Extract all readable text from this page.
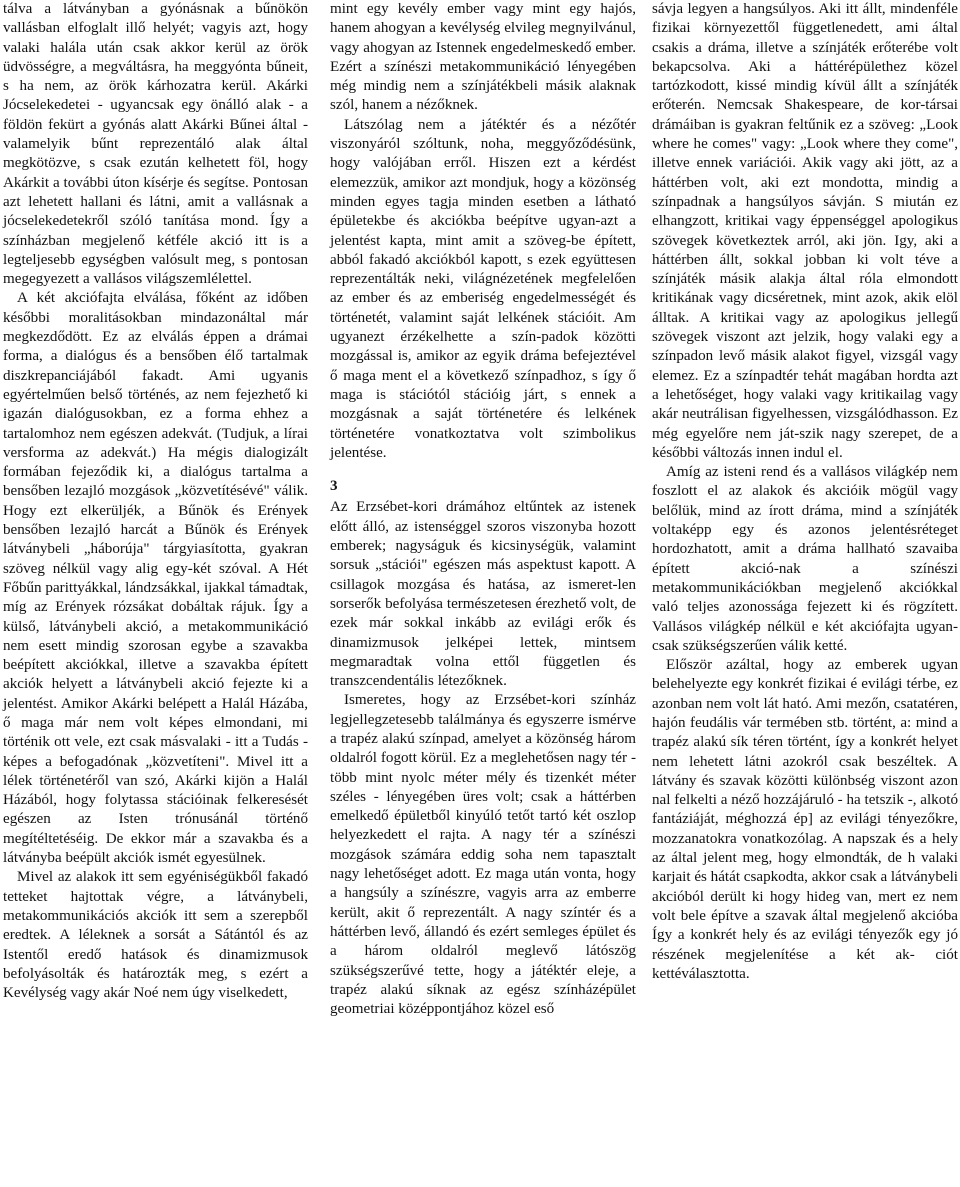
tálva a látványban a gyónásnak a bűnökön vallásban elfoglalt illő helyét; vagyis azt, hogy valaki halála után csak akkor kerül az örök üdvösségre, a megváltásra, ha meggyónta bűneit, s ha nem, az örök kárhozatra kerül. Akárki Jócselekedetei - ugyancsak egy önálló alak - a földön fekürt a gyónás alatt Akárki Bűnei által - valamelyik bűnt reprezentáló alak által megkötözve, s csak ezután kelhetett föl, hogy Akárkit a további úton kísérje és segítse. Pontosan azt lehetett hallani és látni, amit a vallásnak a jócselekedetekről szóló tanítása mond. Így a színházban megjelenő kétféle akció itt is a legteljesebb egységben valósult meg, s pontosan megegyezett a vallásos világszemlélettel.

A két akciófajta elválása, főként az időben későbbi moralitásokban mindazonáltal már megkezdődött. Ez az elválás éppen a drámai forma, a dialógus és a bensőben élő tartalmak diszkrepanciájából fakadt. Ami ugyanis egyértelműen belső történés, az nem fejezhető ki igazán dialógusokban, ez a forma ehhez a tartalomhoz nem egészen adekvát. (Tudjuk, a lírai versforma az adekvát.) Ha mégis dialogizált formában fejeződik ki, a dialógus tartalma a bensőben lezajló mozgások „közvetítésévé" válik. Hogy ezt elkerüljék, a Bűnök és Erények bensőben lezajló harcát a Bűnök és Erények látványbeli „háborúja" tárgyiasította, gyakran szöveg nélkül vagy alig egy-két szóval. A Hét Főbűn parittyákkal, lándzsákkal, ijakkal támadtak, míg az Erények rózsákat dobáltak rájuk. Így a külső, látványbeli akció, a metakommunikáció nem esett mindig szorosan egybe a szavakba beépített akciókkal, illetve a szavakba épített akciók helyett a látványbeli akció fejezte ki a jelentést. Amikor Akárki belépett a Halál Házába, ő maga már nem volt képes elmondani, mi történik ott vele, ezt csak másvalaki - itt a Tudás - képes a befogadónak „közvetíteni". Mivel itt a lélek történetéről van szó, Akárki kijön a Halál Házából, hogy folytassa stációinak felkeresését egészen az Isten trónusánál történő megítéltetéséig. De ekkor már a szavakba és a látványba beépült akciók ismét egyesülnek.

Mivel az alakok itt sem egyéniségükből fakadó tetteket hajtottak végre, a látványbeli, metakommunikációs akciók itt sem a szerepből eredtek. A léleknek a sorsát a Sátántól és az Istentől eredő hatások és dinamizmusok befolyásolták és határozták meg, s ezért a Kevélység vagy akár Noé nem úgy viselkedett,

mint egy kevély ember vagy mint egy hajós, hanem ahogyan a kevélység elvileg megnyilvánul, vagy ahogyan az Istennek engedelmeskedő ember. Ezért a színészi metakommunikáció lényegében még mindig nem a színjátékbeli másik alaknak szól, hanem a nézőknek.

Látszólag nem a játéktér és a nézőtér viszonyáról szóltunk, noha, meggyőződésünk, hogy valójában erről. Hiszen ezt a kérdést elemezzük, amikor azt mondjuk, hogy a közönség minden egyes tagja minden esetben a látható épületekbe és akciókba beépítve ugyan-azt a jelentést kapta, mint amit a szöveg-be épített, abból fakadó akciókból kapott, s ezek együttesen reprezentálták neki, világnézetének megfelelően az ember és az emberiség engedelmességét és történetét, valamint saját lelkének stációit. Am ugyanezt érzékelhette a szín-padok közötti mozgással is, amikor az egyik dráma befejeztével ő maga ment el a következő színpadhoz, s így ő maga is stációtól stációig járt, s ennek a mozgásnak a saját történetére és lelkének történetére vonatkoztatva volt szimbolikus jelentése.

3

Az Erzsébet-kori drámához eltűntek az istenek előtt álló, az istenséggel szoros viszonyba hozott emberek; nagyságuk és kicsinységük, valamint sorsuk „stációi" egészen más aspektust kapott. A csillagok mozgása és hatása, az ismeret-len sorserők befolyása természetesen érezhető volt, de ezek már sokkal inkább az evilági erők és dinamizmusok jelképei lettek, mintsem megmaradtak volna ettől független és transzcendentális létezőknek.

Ismeretes, hogy az Erzsébet-kori színház legjellegzetesebb találmánya és egyszerre ismérve a trapéz alakú színpad, amelyet a közönség három oldalról fogott körül. Ez a meglehetősen nagy tér - több mint nyolc méter mély és tizenkét méter széles - lényegében üres volt; csak a háttérben emelkedő épületből kinyúló tetőt tartó két oszlop helyezkedett el rajta. A nagy tér a színészi mozgások számára eddig soha nem tapasztalt nagy lehetőséget adott. Ez maga után vonta, hogy a hangsúly a színészre, vagyis arra az emberre került, akit ő reprezentált. A nagy színtér és a háttérben levő, állandó és ezért semleges épület és a három oldalról meglevő látószög szükségszerűvé tette, hogy a játéktér eleje, a trapéz alakú síknak az egész színházépület geometriai középpontjához közel eső

sávja legyen a hangsúlyos. Aki itt állt, mindenféle fizikai környezettől függetlenedett, ami által csakis a dráma, illetve a színjáték erőterébe volt bekapcsolva. Aki a háttérépülethez közel tartózkodott, kissé mindig kívül állt a színjáték erőterén. Nemcsak Shakespeare, de kor-társai drámáiban is gyakran feltűnik ez a szöveg: „Look where he comes" vagy: „Look where they come", illetve ennek variációi. Akik vagy aki jött, az a háttérben volt, aki ezt mondotta, mindig a színpadnak a hangsúlyos sávján. S miután ez elhangzott, kritikai vagy éppenséggel apologikus szövegek következtek arról, aki jön. Igy, aki a háttérben állt, sokkal jobban ki volt téve a színjáték másik alakja által róla elmondott kritikának vagy dicséretnek, mint azok, akik elöl álltak. A kritikai vagy az apologikus jellegű szövegek viszont azt jelzik, hogy valaki egy a színpadon levő másik alakot figyel, vizsgál vagy elemez. Ez a színpadtér tehát magában hordta azt a lehetőséget, hogy valaki vagy kritikailag vagy akár neutrálisan figyelhessen, vizsgálódhasson. Ez még egyelőre nem ját-szik nagy szerepet, de a későbbi változás innen indul el.

Amíg az isteni rend és a vallásos világkép nem foszlott el az alakok és akcióik mögül vagy belőlük, mind az írott dráma, mind a színjáték voltaképp egy és azonos jelentésréteget hordozhatott, amit a dráma hallható szavaiba épített akció-nak a színészi metakommunikációkban megjelenő akciókkal való teljes azonossága fejezett ki és rögzített. Vallásos világkép nélkül e két akciófajta ugyan-csak szükségszerűen válik ketté.

Először azáltal, hogy az emberek ugyan belehelyezte egy konkrét fizikai é evilági térbe, ez azonban nem volt lát ható. Ami mezőn, csatatéren, hajón feudális vár termében stb. történt, a: mind a trapéz alakú sík téren történt, így a konkrét helyet nem lehetett látni azokról csak beszéltek. A látvány és szavak közötti különbség viszont azon nal felkelti a néző hozzájáruló - ha tetszik -, alkotó fantáziáját, méghozzá ép] az evilági tényezőkre, mozzanatokra vonatkozólag. A napszak és a hely az által jelent meg, hogy elmondták, de h valaki karjait és hátát csapkodta, akkor csak a látványbeli akcióból derült ki hogy hideg van, mert ez nem volt bele építve a szavak által megjelenő akcióba Így a konkrét hely és az evilági tényezők egy jó részének megjelenítése a két ak- ciót kettéválasztotta.
